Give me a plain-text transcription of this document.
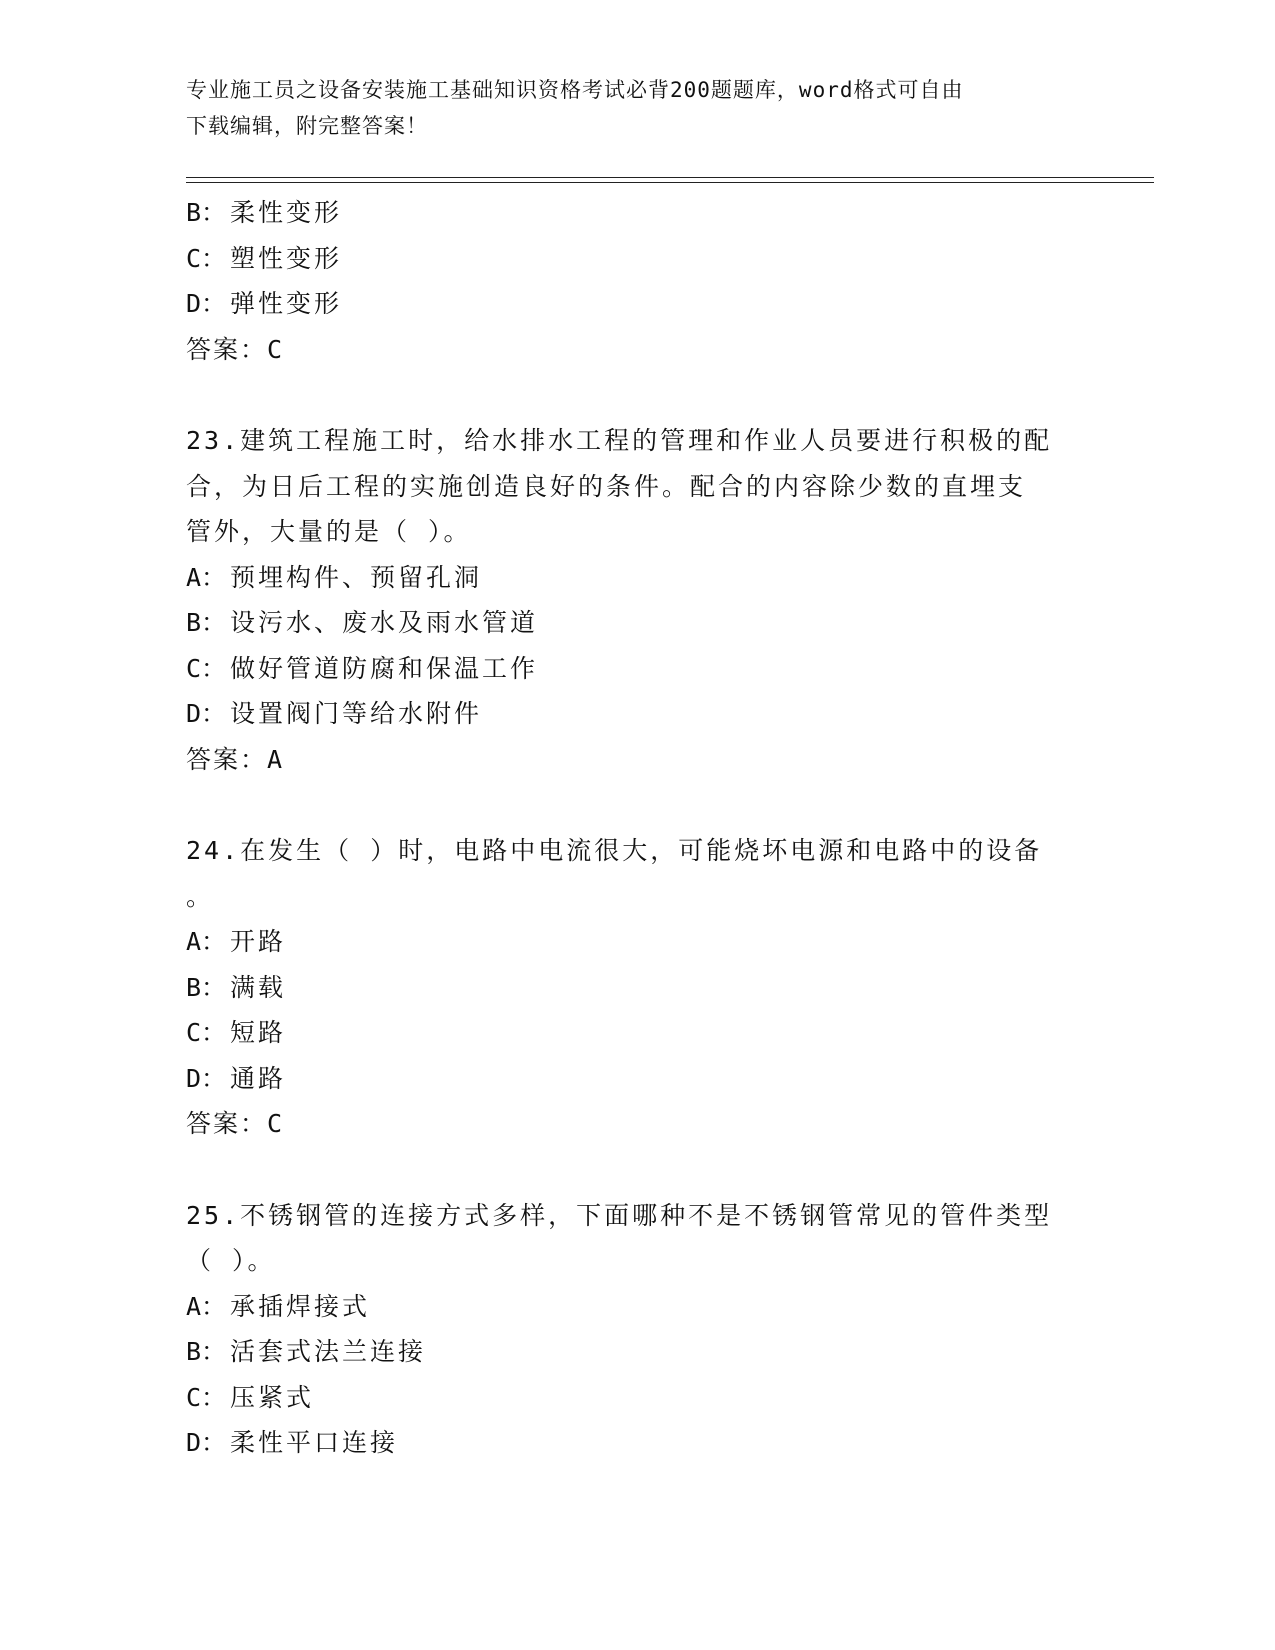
专业施工员之设备安装施工基础知识资格考试必背200题题库，word格式可自由
下载编辑，附完整答案！
B： 柔性变形
C： 塑性变形
D： 弹性变形
答案：C
23.建筑工程施工时，给水排水工程的管理和作业人员要进行积极的配
合，为日后工程的实施创造良好的条件。配合的内容除少数的直埋支
管外，大量的是（ ）。
A： 预埋构件、预留孔洞
B： 设污水、废水及雨水管道
C： 做好管道防腐和保温工作
D： 设置阀门等给水附件
答案：A
24.在发生（ ）时，电路中电流很大，可能烧坏电源和电路中的设备
。
A： 开路
B： 满载
C： 短路
D： 通路
答案：C
25.不锈钢管的连接方式多样，下面哪种不是不锈钢管常见的管件类型
（ ）。
A： 承插焊接式
B： 活套式法兰连接
C： 压紧式
D： 柔性平口连接
